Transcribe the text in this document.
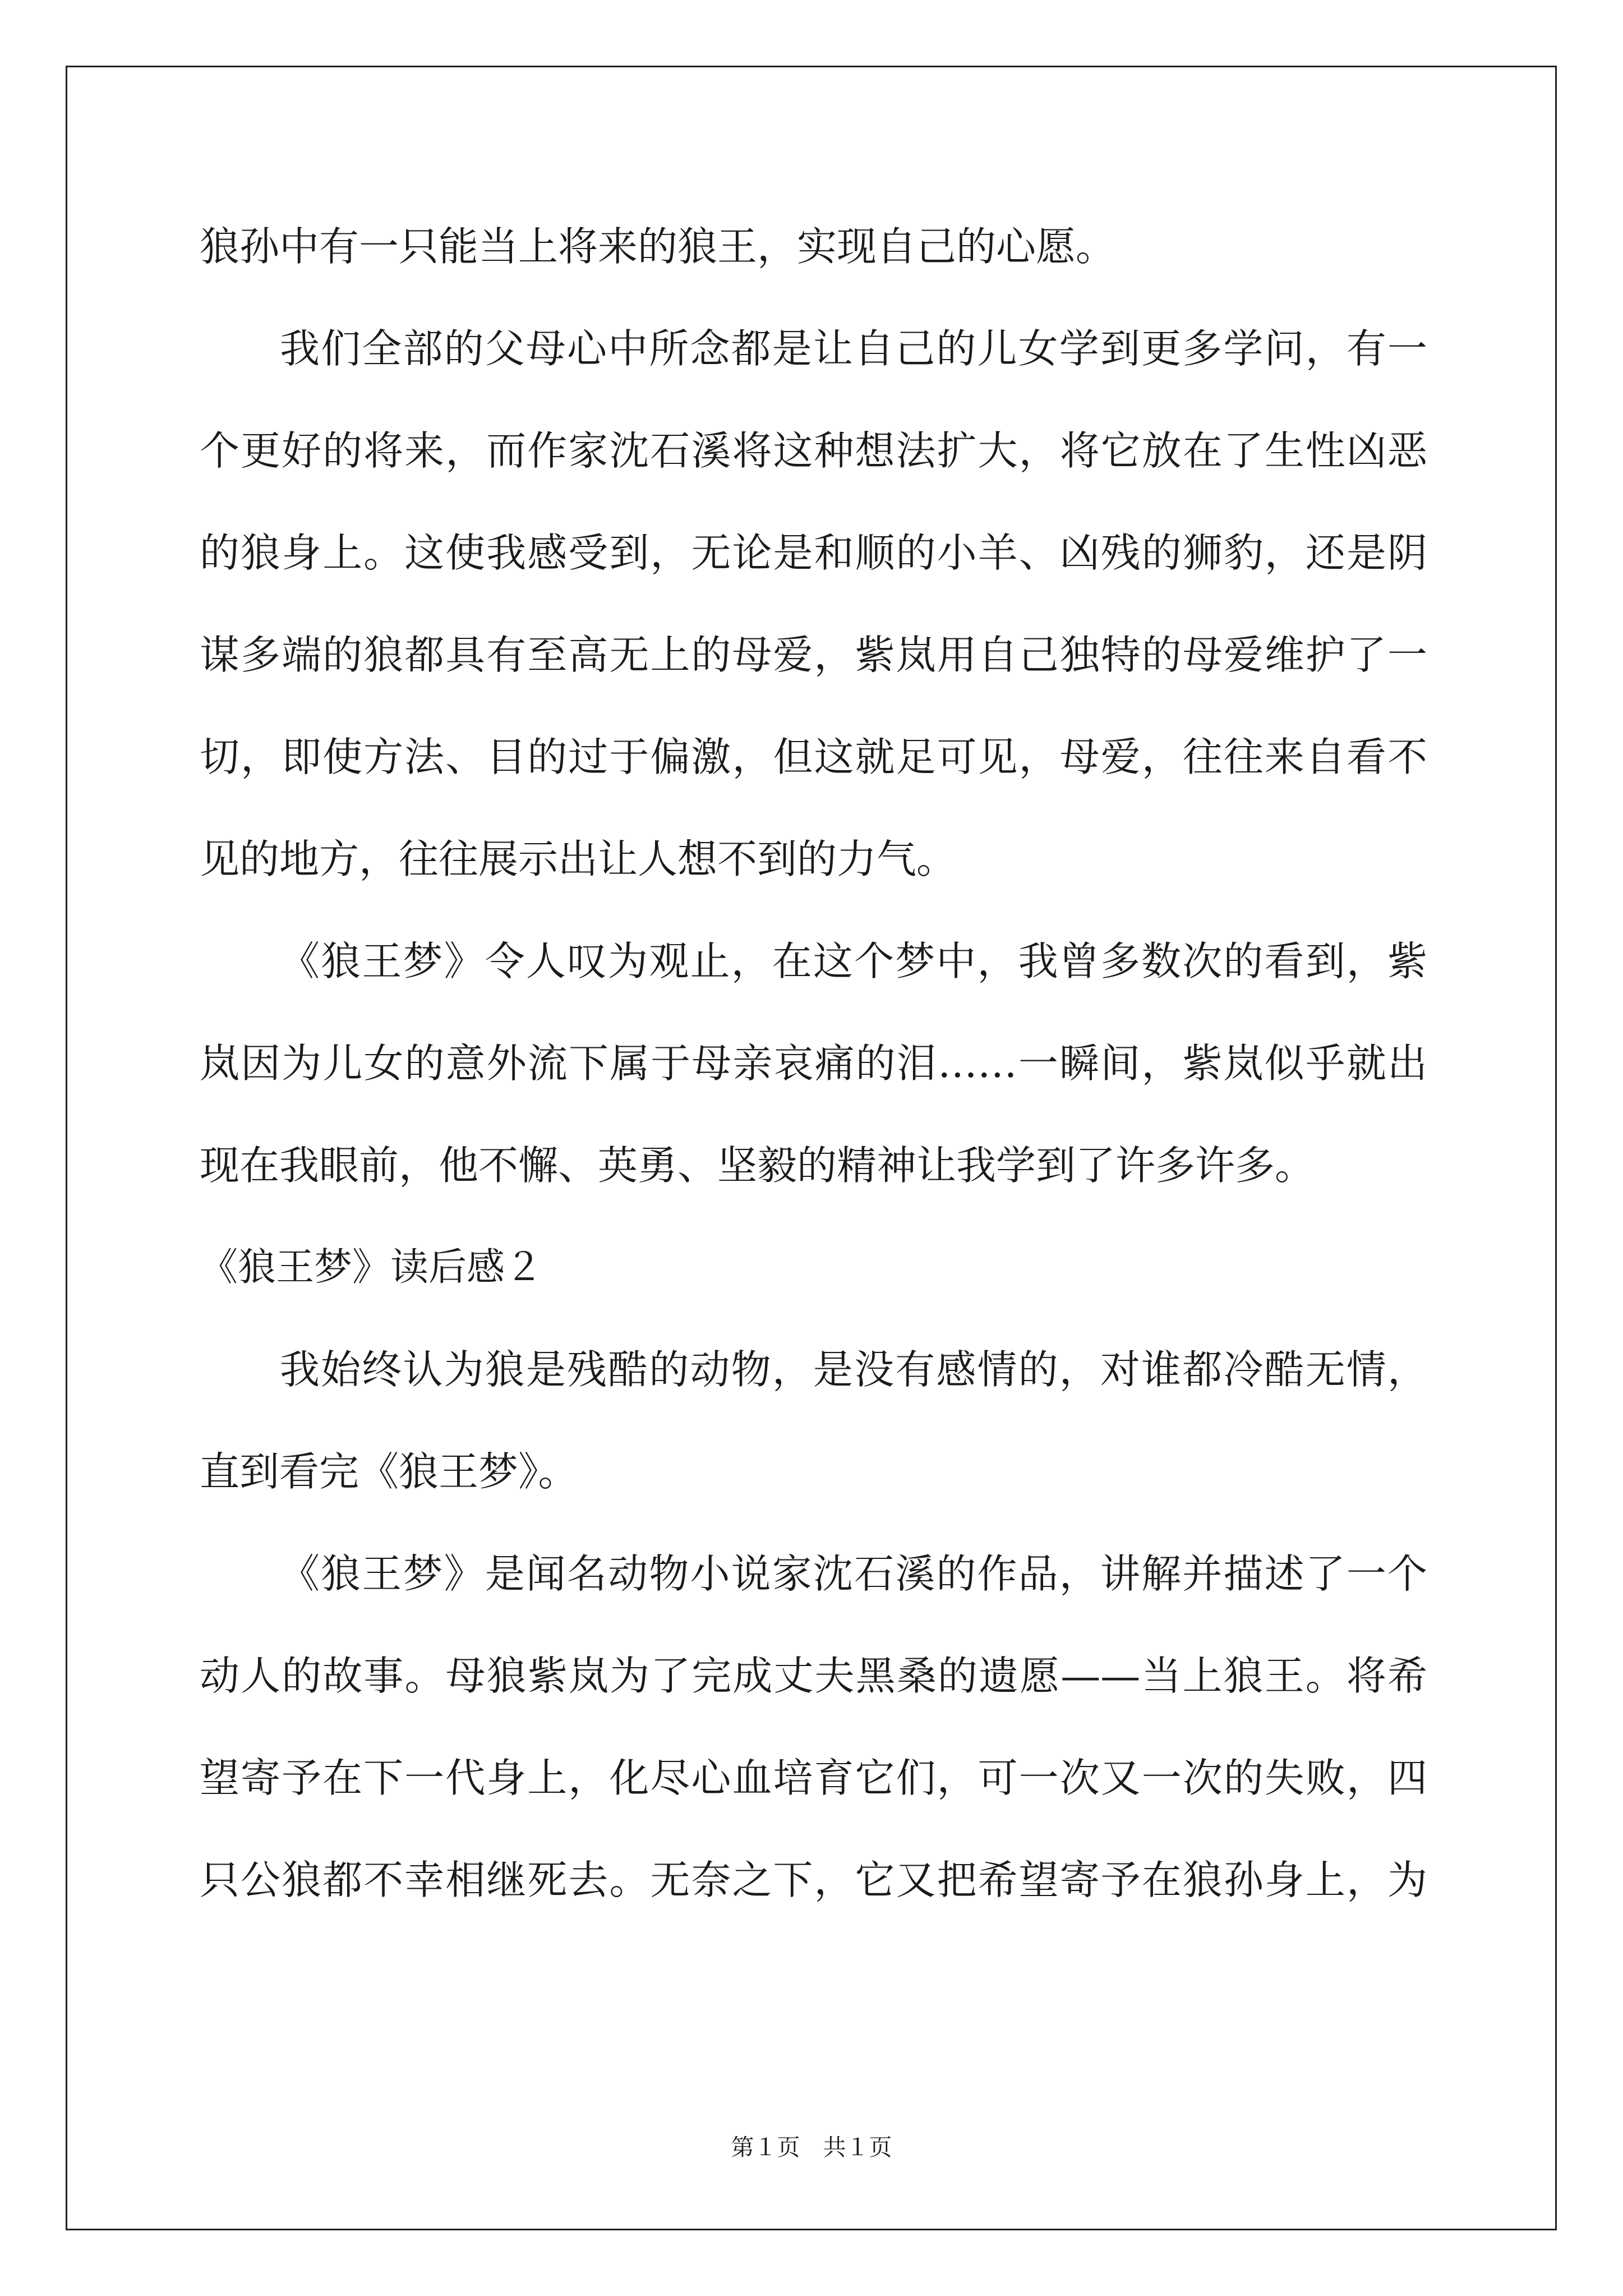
狼孙中有一只能当上将来的狼王，实现自己的心愿。
我们全部的父母心中所念都是让自己的儿女学到更多学问，有一
个更好的将来，而作家沈石溪将这种想法扩大，将它放在了生性凶恶
的狼身上。这使我感受到，无论是和顺的小羊、凶残的狮豹，还是阴
谋多端的狼都具有至高无上的母爱，紫岚用自己独特的母爱维护了一
切，即使方法、目的过于偏激，但这就足可见，母爱，往往来自看不
见的地方，往往展示出让人想不到的力气。
《狼王梦》令人叹为观止，在这个梦中，我曾多数次的看到，紫
岚因为儿女的意外流下属于母亲哀痛的泪……一瞬间，紫岚似乎就出
现在我眼前，他不懈、英勇、坚毅的精神让我学到了许多许多。
《狼王梦》读后感２
我始终认为狼是残酷的动物，是没有感情的，对谁都冷酷无情，
直到看完《狼王梦》。
《狼王梦》是闻名动物小说家沈石溪的作品，讲解并描述了一个
动人的故事。母狼紫岚为了完成丈夫黑桑的遗愿——当上狼王。将希
望寄予在下一代身上，化尽心血培育它们，可一次又一次的失败，四
只公狼都不幸相继死去。无奈之下，它又把希望寄予在狼孙身上，为
第１页　共１页
